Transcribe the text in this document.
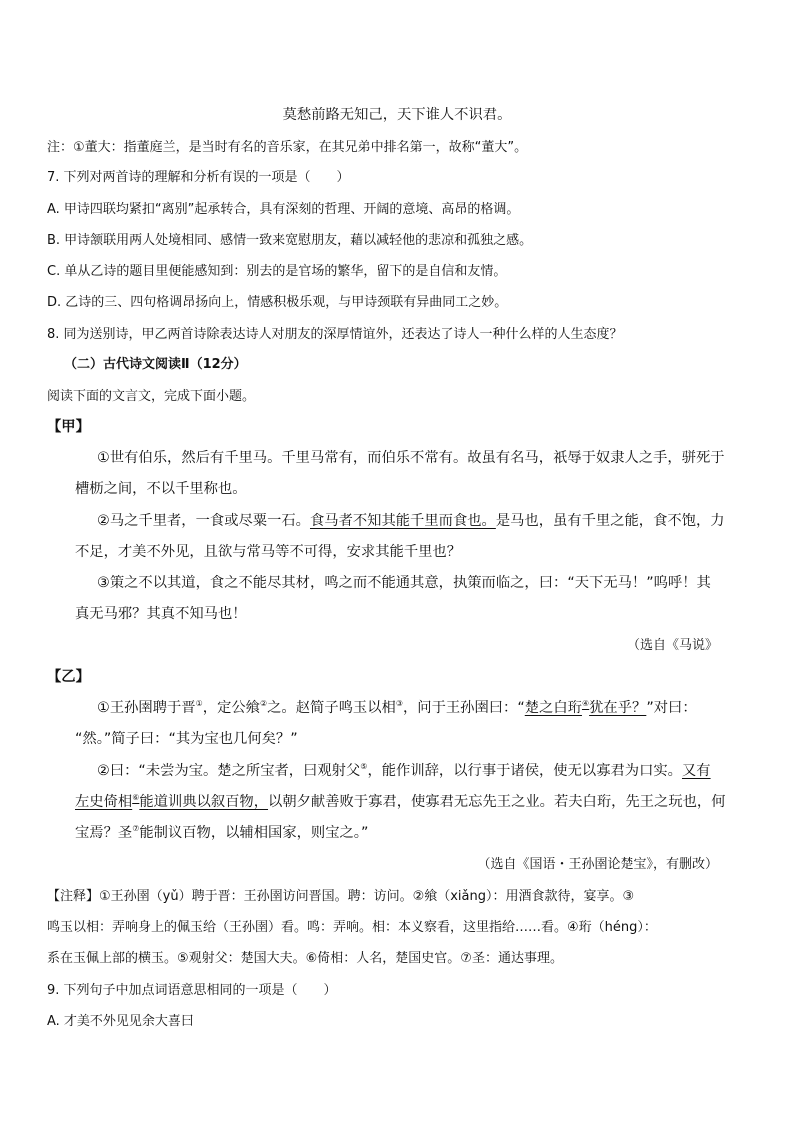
莫愁前路无知己，天下谁人不识君。
注：①董大：指董庭兰，是当时有名的音乐家，在其兄弟中排名第一，故称“董大”。
7. 下列对两首诗的理解和分析有误的一项是（　　）
A. 甲诗四联均紧扣“离别”起承转合，具有深刻的哲理、开阔的意境、高昂的格调。
B. 甲诗颔联用两人处境相同、感情一致来宽慰朋友，藉以减轻他的悲凉和孤独之感。
C. 单从乙诗的题目里便能感知到：别去的是官场的繁华，留下的是自信和友情。
D. 乙诗的三、四句格调昂扬向上，情感积极乐观，与甲诗颈联有异曲同工之妙。
8. 同为送别诗，甲乙两首诗除表达诗人对朋友的深厚情谊外，还表达了诗人一种什么样的人生态度？
（二）古代诗文阅读Ⅱ（12分）
阅读下面的文言文，完成下面小题。
【甲】
①世有伯乐，然后有千里马。千里马常有，而伯乐不常有。故虽有名马，祇辱于奴隶人之手，骈死于
槽枥之间，不以千里称也。
②马之千里者，一食或尽粟一石。食马者不知其能千里而食也。是马也，虽有千里之能，食不饱，力
不足，才美不外见，且欲与常马等不可得，安求其能千里也？
③策之不以其道，食之不能尽其材，鸣之而不能通其意，执策而临之，曰：“天下无马！”呜呼！其
真无马邪？其真不知马也！
（选自《马说》
【乙】
①王孙圉聘于晋①，定公飨②之。赵简子鸣玉以相③，问于王孙圉曰：“楚之白珩④犹在乎？”对曰：
“然。”简子曰：“其为宝也几何矣？”
②曰：“未尝为宝。楚之所宝者，曰观射父⑤，能作训辞，以行事于诸侯，使无以寡君为口实。又有
左史倚相⑥能道训典以叙百物，以朝夕献善败于寡君，使寡君无忘先王之业。若夫白珩，先王之玩也，何
宝焉？圣⑦能制议百物，以辅相国家，则宝之。”
（选自《国语・王孙圉论楚宝》，有删改）
【注释】①王孙圉（yǔ）聘于晋：王孙圉访问晋国。聘：访问。②飨（xiǎng）：用酒食款待，宴享。③
鸣玉以相：弄响身上的佩玉给（王孙圉）看。鸣：弄响。相：本义察看，这里指给……看。④珩（héng）：
系在玉佩上部的横玉。⑤观射父：楚国大夫。⑥倚相：人名，楚国史官。⑦圣：通达事理。
9. 下列句子中加点词语意思相同的一项是（　　）
A. 才美不外见见余大喜曰
